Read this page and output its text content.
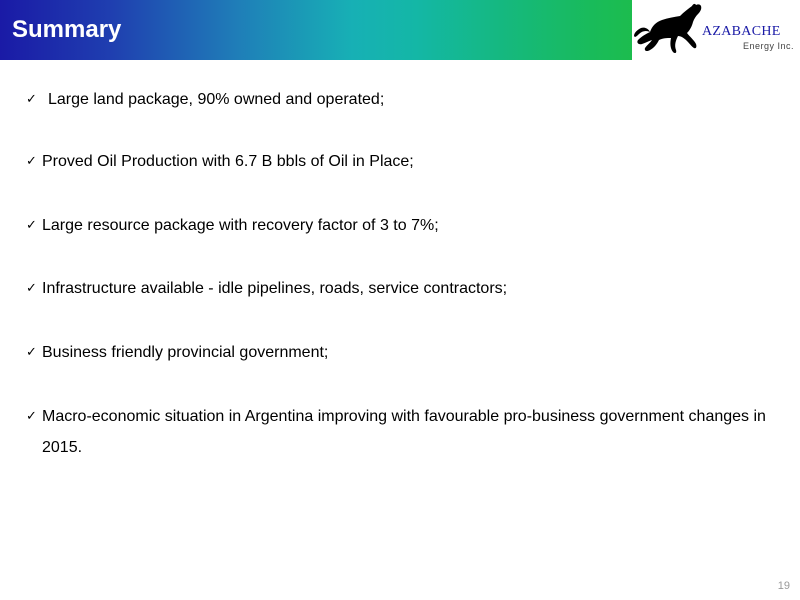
Summary	AZABACHE
Energy Inc.
✓ Large land package, 90% owned and operated;
✓ Proved Oil Production with 6.7 B bbls of Oil in Place;
✓ Large resource package with recovery factor of 3 to 7%;
✓ Infrastructure available - idle pipelines, roads, service contractors;
✓ Business friendly provincial government;
✓ Macro-economic situation in Argentina improving with favourable pro-business government changes in 2015.
19
